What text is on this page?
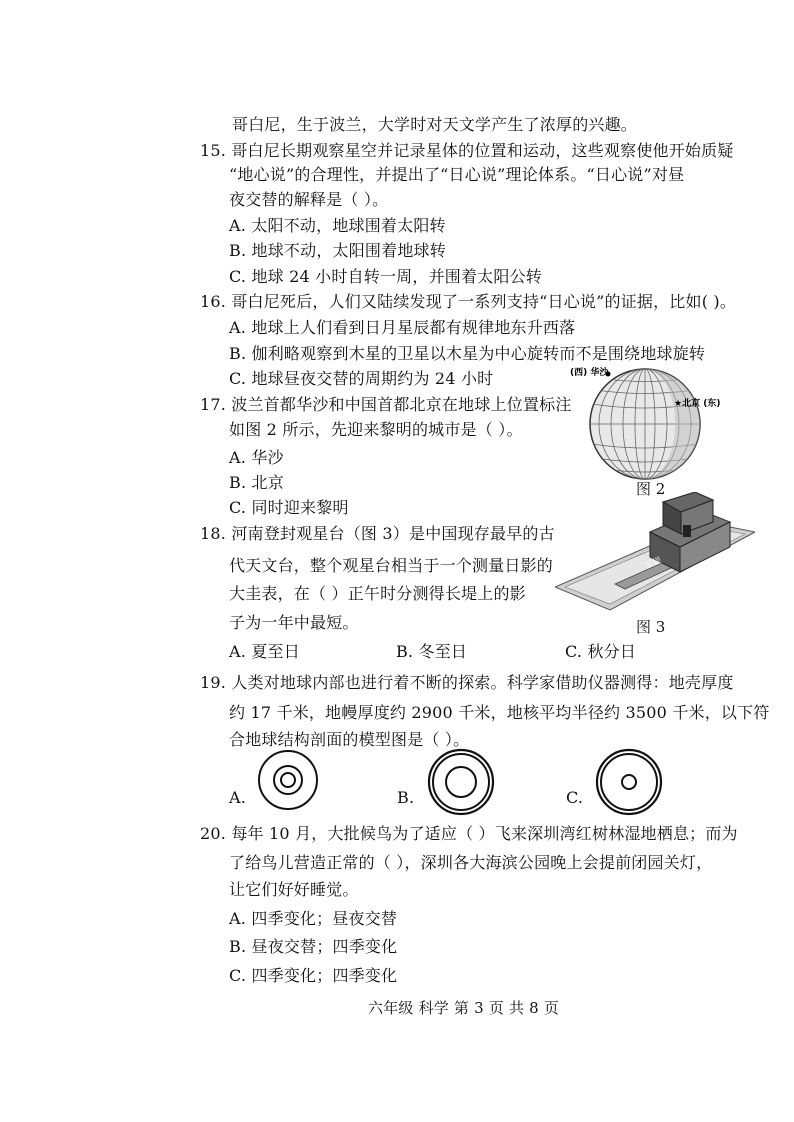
哥白尼，生于波兰，大学时对天文学产生了浓厚的兴趣。
15. 哥白尼长期观察星空并记录星体的位置和运动，这些观察使他开始质疑
“地心说”的合理性，并提出了“日心说”理论体系。“日心说”对昼
夜交替的解释是（ ）。
A. 太阳不动，地球围着太阳转
B. 地球不动，太阳围着地球转
C. 地球 24 小时自转一周，并围着太阳公转
16. 哥白尼死后，人们又陆续发现了一系列支持“日心说”的证据，比如( )。
A. 地球上人们看到日月星辰都有规律地东升西落
B. 伽利略观察到木星的卫星以木星为中心旋转而不是围绕地球旋转
C. 地球昼夜交替的周期约为 24 小时
17. 波兰首都华沙和中国首都北京在地球上位置标注
如图 2 所示，先迎来黎明的城市是（ ）。
A. 华沙
B. 北京
C. 同时迎来黎明
(西) 华沙
★北京 (东)
图 2
18. 河南登封观星台（图 3）是中国现存最早的古
代天文台，整个观星台相当于一个测量日影的
大圭表，在（ ）正午时分测得长堤上的影
子为一年中最短。
长堤
图 3
A. 夏至日	B. 冬至日	C. 秋分日
19. 人类对地球内部也进行着不断的探索。科学家借助仪器测得：地壳厚度
约 17 千米，地幔厚度约 2900 千米，地核平均半径约 3500 千米，以下符
合地球结构剖面的模型图是（ ）。
A.	B.	C.
20. 每年 10 月，大批候鸟为了适应（ ）飞来深圳湾红树林湿地栖息；而为
了给鸟儿营造正常的（ ），深圳各大海滨公园晚上会提前闭园关灯，
让它们好好睡觉。
A. 四季变化；昼夜交替
B. 昼夜交替；四季变化
C. 四季变化；四季变化
六年级 科学 第 3 页 共 8 页
